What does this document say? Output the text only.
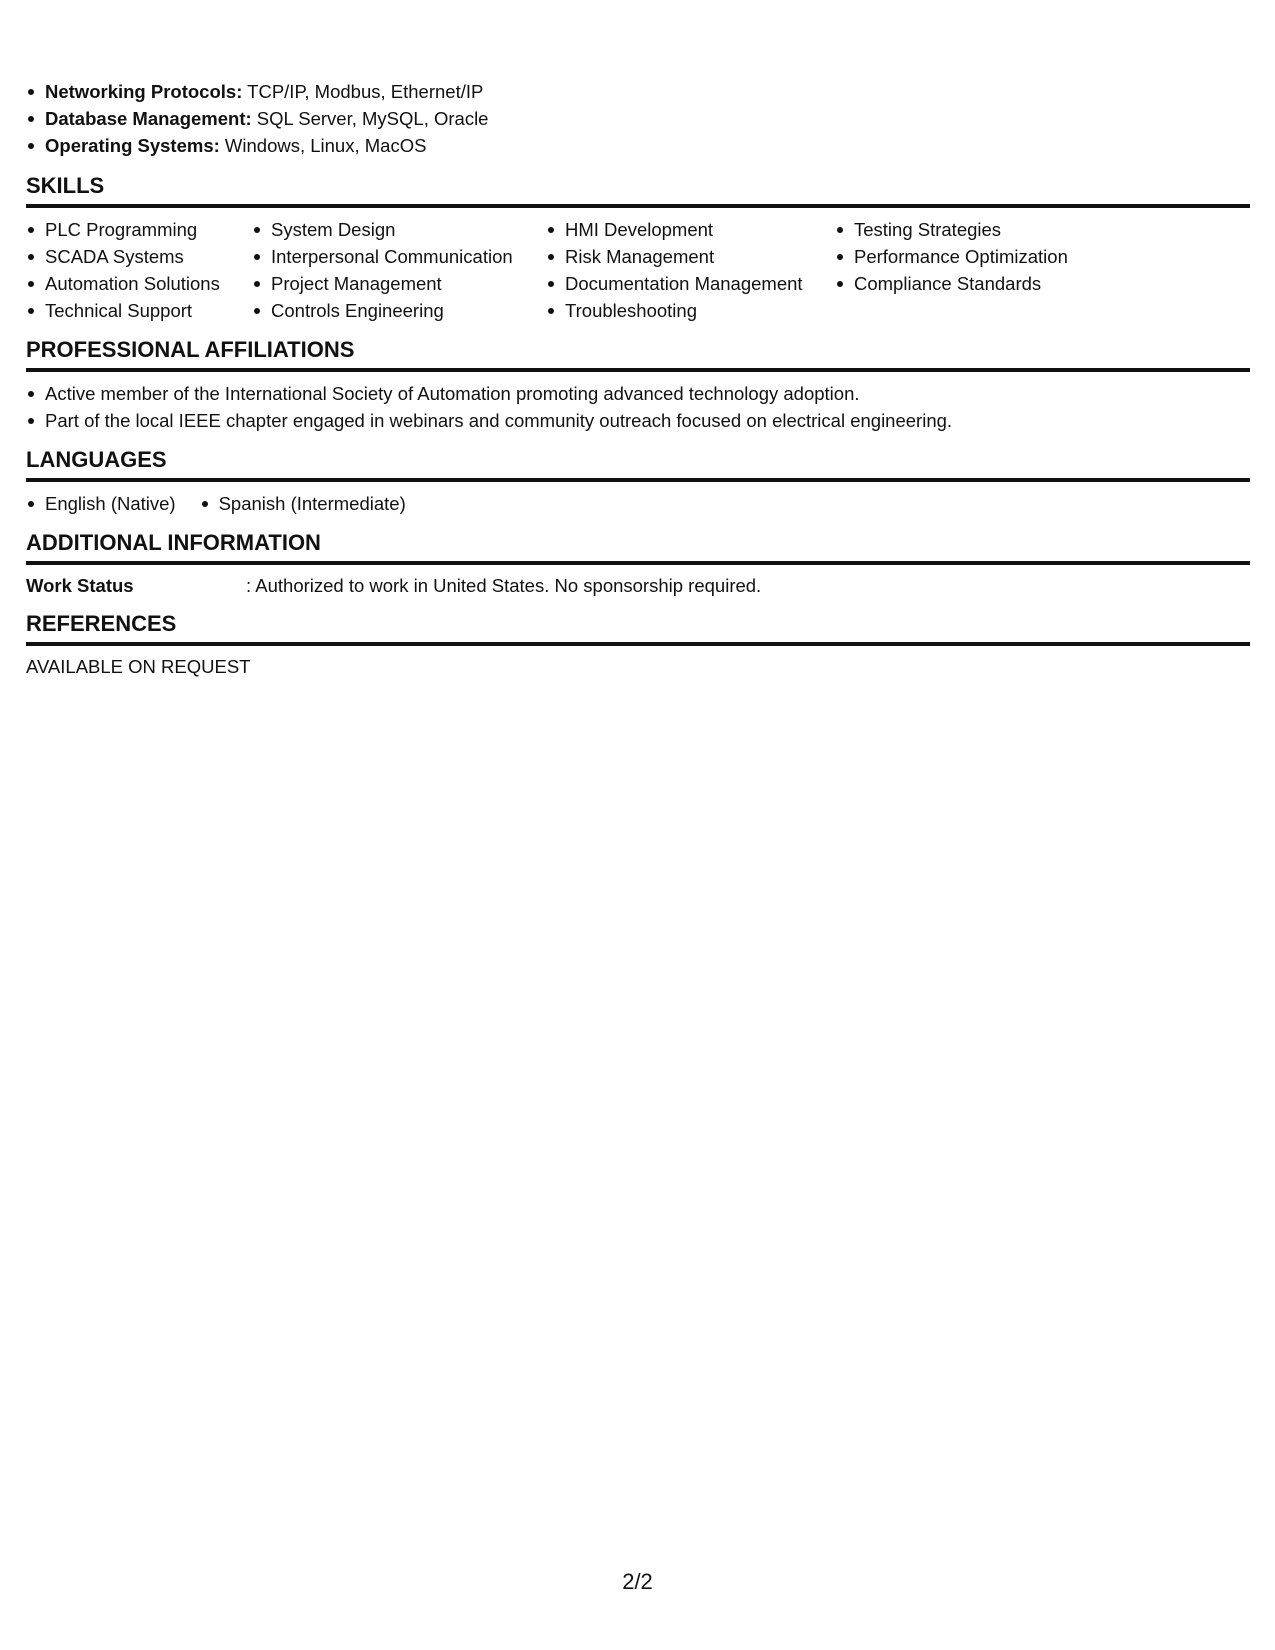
Networking Protocols: TCP/IP, Modbus, Ethernet/IP
Database Management: SQL Server, MySQL, Oracle
Operating Systems: Windows, Linux, MacOS
SKILLS
PLC Programming
SCADA Systems
Automation Solutions
Technical Support
System Design
Interpersonal Communication
Project Management
Controls Engineering
HMI Development
Risk Management
Documentation Management
Troubleshooting
Testing Strategies
Performance Optimization
Compliance Standards
PROFESSIONAL AFFILIATIONS
Active member of the International Society of Automation promoting advanced technology adoption.
Part of the local IEEE chapter engaged in webinars and community outreach focused on electrical engineering.
LANGUAGES
English (Native)	Spanish (Intermediate)
ADDITIONAL INFORMATION
Work Status	: Authorized to work in United States. No sponsorship required.
REFERENCES
AVAILABLE ON REQUEST
2/2
